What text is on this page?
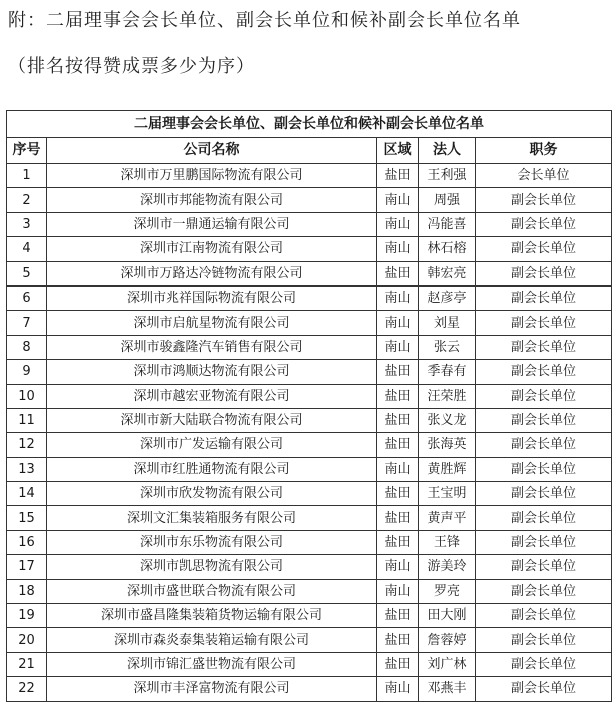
附：二届理事会会长单位、副会长单位和候补副会长单位名单
（排名按得赞成票多少为序）
二届理事会会长单位、副会长单位和候补副会长单位名单				
序号	公司名称	区域	法人	职务
1	深圳市万里鹏国际物流有限公司	盐田	王利强	会长单位
2	深圳市邦能物流有限公司	南山	周强	副会长单位
3	深圳市一鼎通运输有限公司	南山	冯能喜	副会长单位
4	深圳市江南物流有限公司	南山	林石榕	副会长单位
5	深圳市万路达冷链物流有限公司	盐田	韩宏亮	副会长单位
6	深圳市兆祥国际物流有限公司	南山	赵彦亭	副会长单位
7	深圳市启航星物流有限公司	南山	刘星	副会长单位
8	深圳市骏鑫隆汽车销售有限公司	南山	张云	副会长单位
9	深圳市鸿顺达物流有限公司	盐田	季春有	副会长单位
10	深圳市越宏亚物流有限公司	盐田	汪荣胜	副会长单位
11	深圳市新大陆联合物流有限公司	盐田	张义龙	副会长单位
12	深圳市广发运输有限公司	盐田	张海英	副会长单位
13	深圳市红胜通物流有限公司	南山	黄胜辉	副会长单位
14	深圳市欣发物流有限公司	盐田	王宝明	副会长单位
15	深圳文汇集装箱服务有限公司	盐田	黄声平	副会长单位
16	深圳市东乐物流有限公司	盐田	王锋	副会长单位
17	深圳市凯思物流有限公司	南山	游美玲	副会长单位
18	深圳市盛世联合物流有限公司	南山	罗亮	副会长单位
19	深圳市盛昌隆集装箱货物运输有限公司	盐田	田大刚	副会长单位
20	深圳市森炎泰集装箱运输有限公司	盐田	詹蓉婷	副会长单位
21	深圳市锦汇盛世物流有限公司	盐田	刘广林	副会长单位
22	深圳市丰泽富物流有限公司	南山	邓燕丰	副会长单位
